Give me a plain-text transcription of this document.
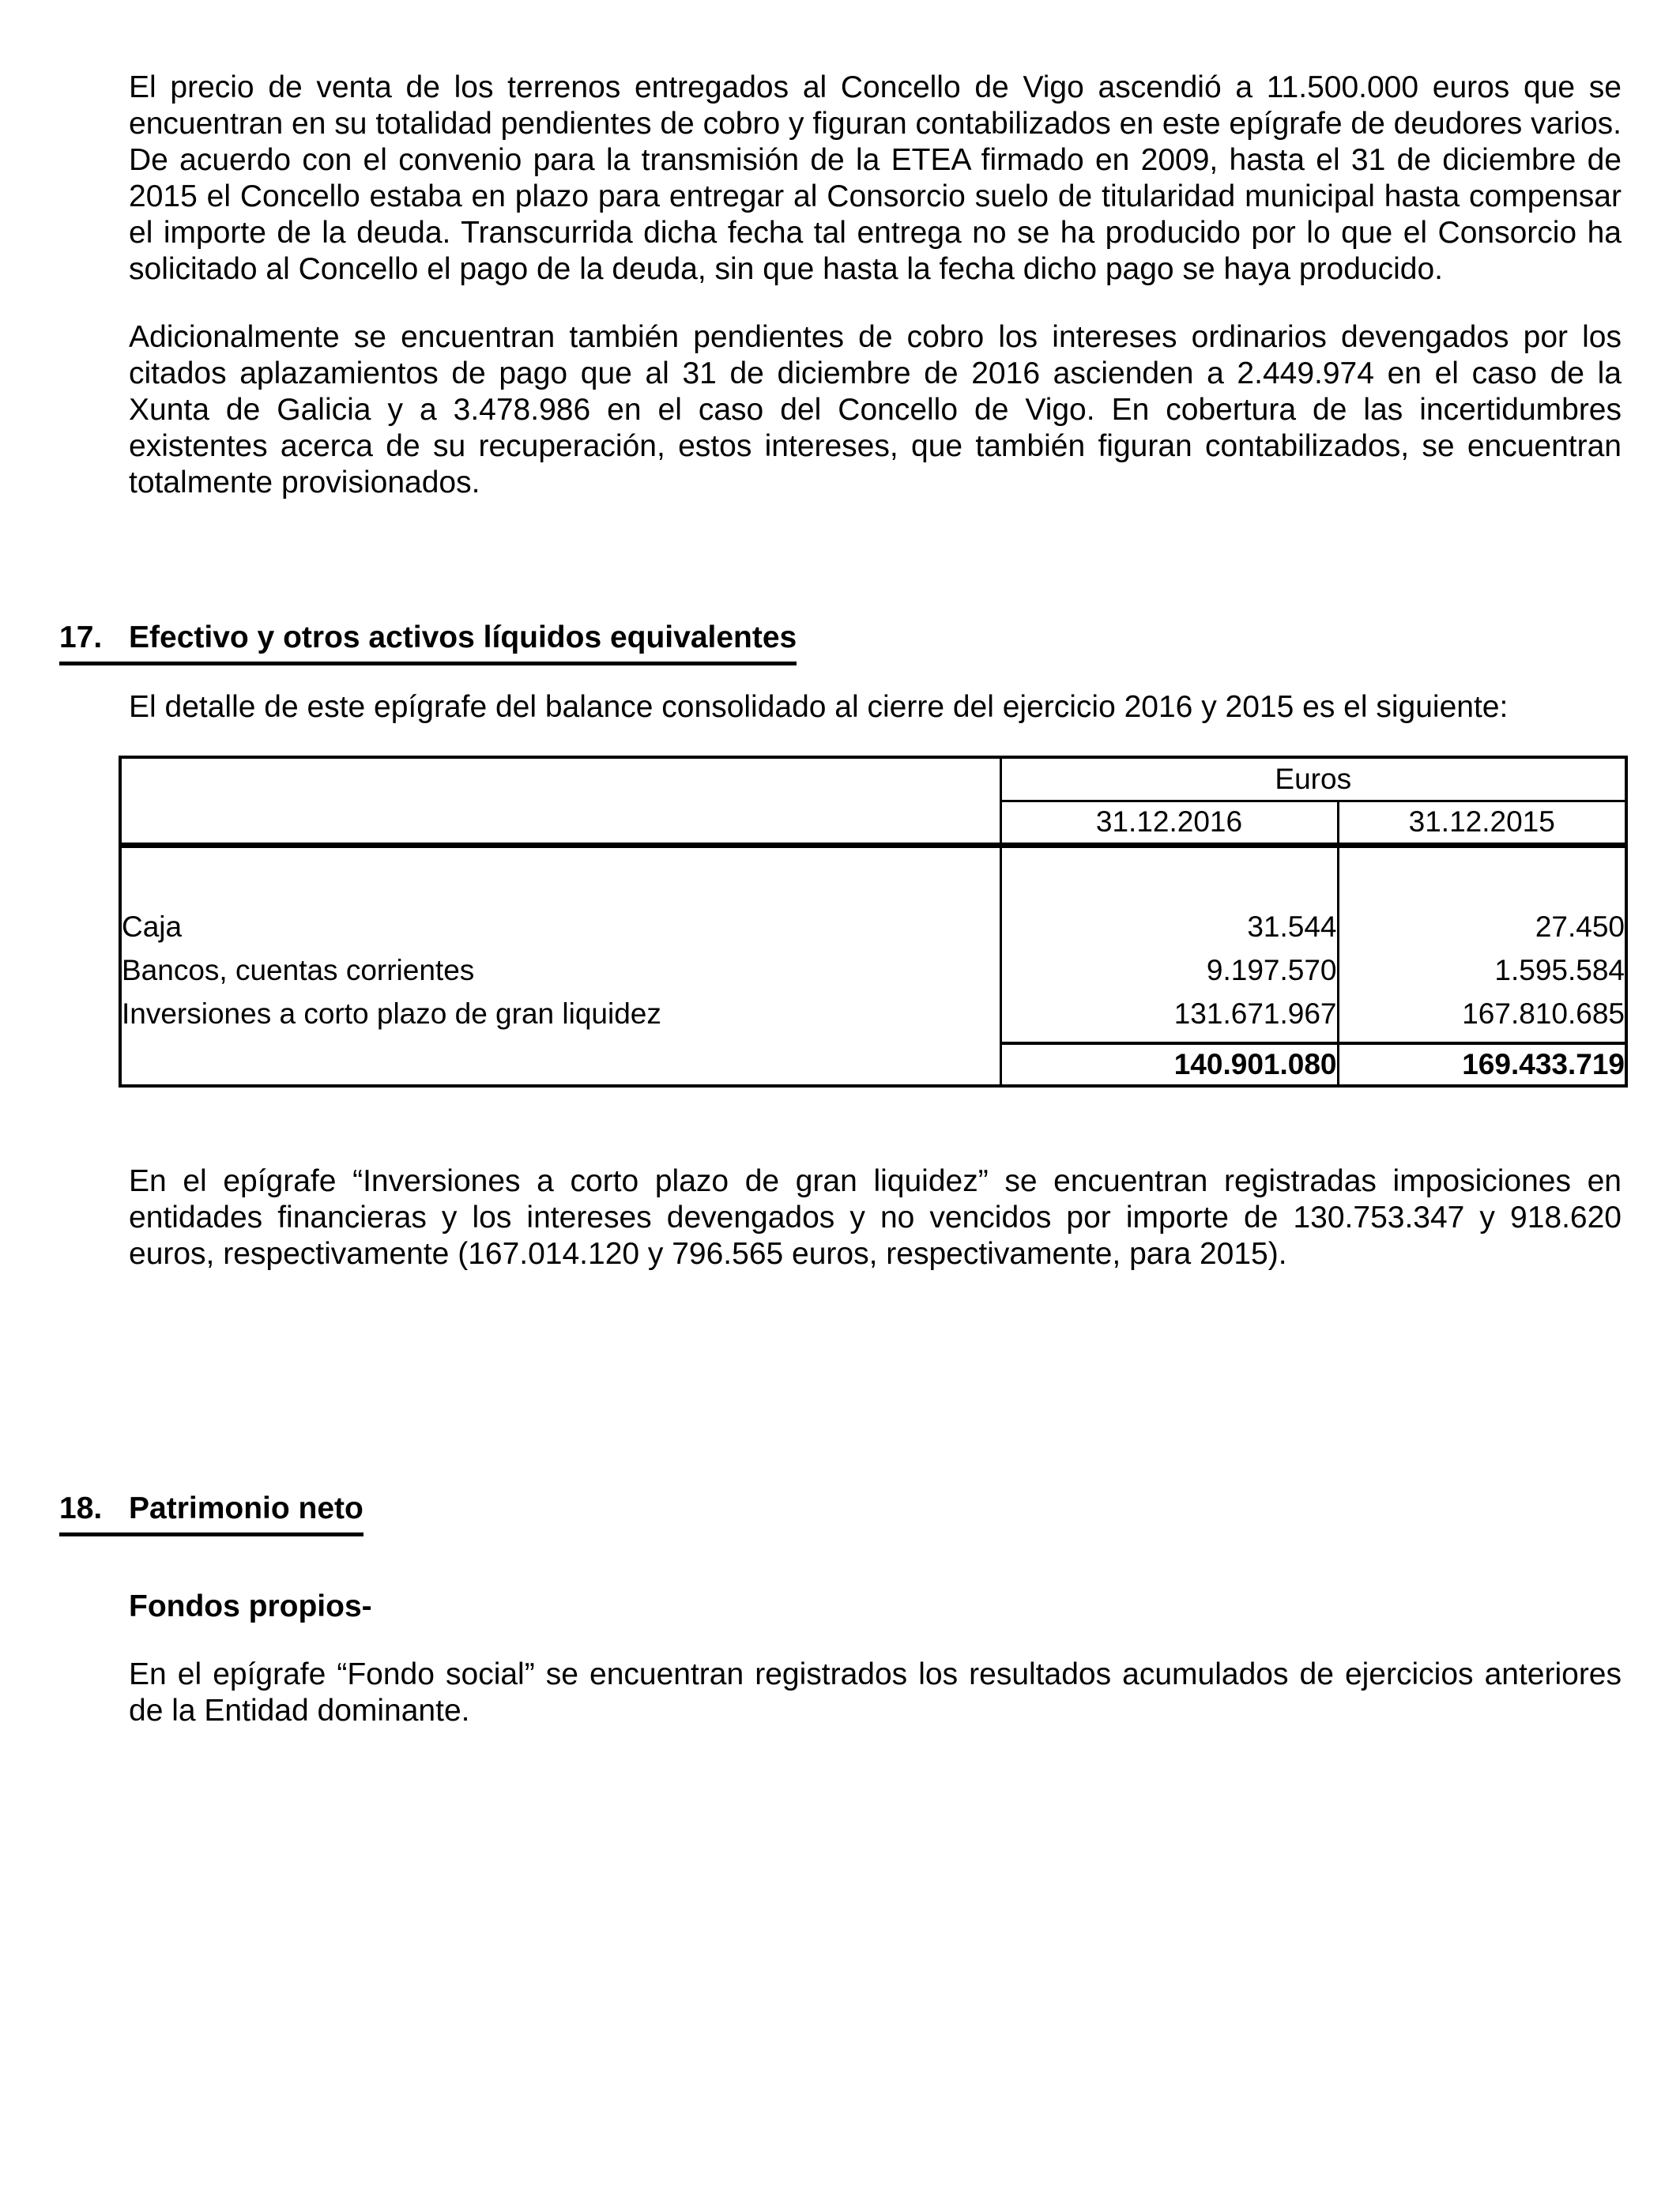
El precio de venta de los terrenos entregados al Concello de Vigo ascendió a 11.500.000 euros que se encuentran en su totalidad pendientes de cobro y figuran contabilizados en este epígrafe de deudores varios. De acuerdo con el convenio para la transmisión de la ETEA firmado en 2009, hasta el 31 de diciembre de 2015 el Concello estaba en plazo para entregar al Consorcio suelo de titularidad municipal hasta compensar el importe de la deuda. Transcurrida dicha fecha tal entrega no se ha producido por lo que el Consorcio ha solicitado al Concello el pago de la deuda, sin que hasta la fecha dicho pago se haya producido.

Adicionalmente se encuentran también pendientes de cobro los intereses ordinarios devengados por los citados aplazamientos de pago que al 31 de diciembre de 2016 ascienden a 2.449.974 en el caso de la Xunta de Galicia y a 3.478.986 en el caso del Concello de Vigo. En cobertura de las incertidumbres existentes acerca de su recuperación, estos intereses, que también figuran contabilizados, se encuentran totalmente provisionados.

17. Efectivo y otros activos líquidos equivalentes

El detalle de este epígrafe del balance consolidado al cierre del ejercicio 2016 y 2015 es el siguiente:

	Euros	
	31.12.2016	31.12.2015

Caja	31.544	27.450
Bancos, cuentas corrientes	9.197.570	1.595.584
Inversiones a corto plazo de gran liquidez	131.671.967	167.810.685

	140.901.080	169.433.719

En el epígrafe “Inversiones a corto plazo de gran liquidez” se encuentran registradas imposiciones en entidades financieras y los intereses devengados y no vencidos por importe de 130.753.347 y 918.620 euros, respectivamente (167.014.120 y 796.565 euros, respectivamente, para 2015).

18. Patrimonio neto

Fondos propios-

En el epígrafe “Fondo social” se encuentran registrados los resultados acumulados de ejercicios anteriores de la Entidad dominante.
